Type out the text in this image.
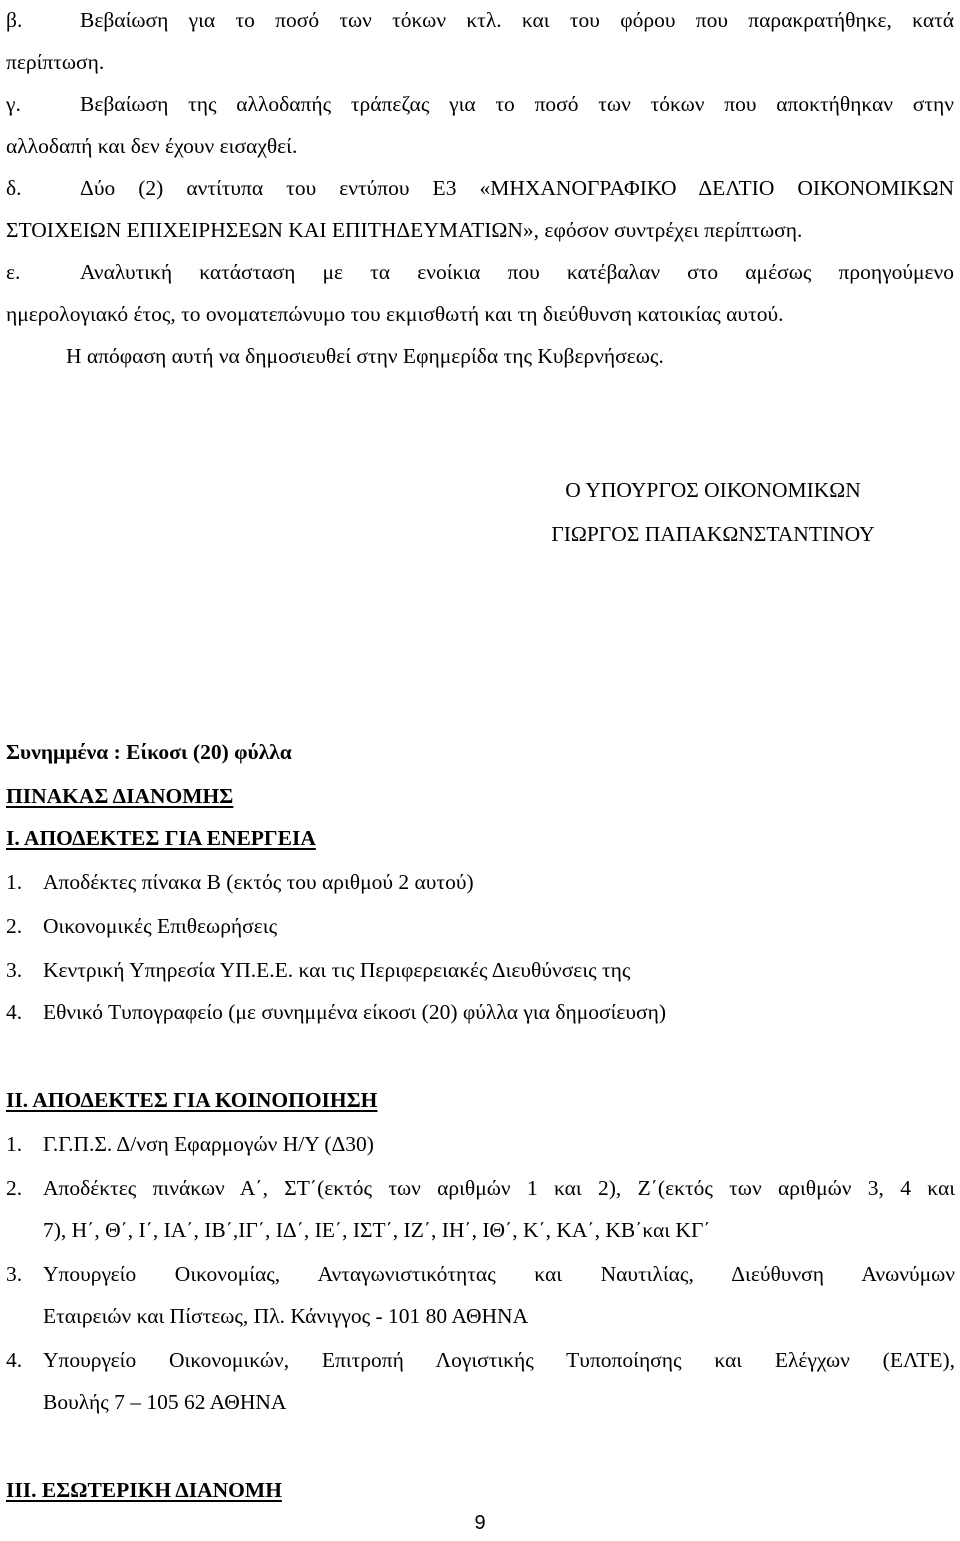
β.	Βεβαίωση για το ποσό των τόκων κτλ. και του φόρου που παρακρατήθηκε, κατά
περίπτωση.
γ.	Βεβαίωση της αλλοδαπής τράπεζας για το ποσό των τόκων που αποκτήθηκαν στην
αλλοδαπή και δεν έχουν εισαχθεί.
δ.	Δύο (2) αντίτυπα του εντύπου Ε3 «ΜΗΧΑΝΟΓΡΑΦΙΚΟ ΔΕΛΤΙΟ ΟΙΚΟΝΟΜΙΚΩΝ
ΣΤΟΙΧΕΙΩΝ ΕΠΙΧΕΙΡΗΣΕΩΝ ΚΑΙ ΕΠΙΤΗΔΕΥΜΑΤΙΩΝ», εφόσον συντρέχει περίπτωση.
ε.	Αναλυτική κατάσταση με τα ενοίκια που κατέβαλαν στο αμέσως προηγούμενο
ημερολογιακό έτος, το ονοματεπώνυμο του εκμισθωτή και τη διεύθυνση κατοικίας αυτού.
Η απόφαση αυτή να δημοσιευθεί στην Εφημερίδα της Κυβερνήσεως.
Ο ΥΠΟΥΡΓΟΣ ΟΙΚΟΝΟΜΙΚΩΝ
ΓΙΩΡΓΟΣ ΠΑΠΑΚΩΝΣΤΑΝΤΙΝΟΥ
Συνημμένα : Είκοσι (20) φύλλα
ΠΙΝΑΚΑΣ ΔΙΑΝΟΜΗΣ
Ι. ΑΠΟΔΕΚΤΕΣ ΓΙΑ ΕΝΕΡΓΕΙΑ
1. Αποδέκτες πίνακα Β (εκτός του αριθμού 2 αυτού)
2. Οικονομικές Επιθεωρήσεις
3. Κεντρική Υπηρεσία ΥΠ.Ε.Ε. και τις Περιφερειακές Διευθύνσεις της
4. Εθνικό Τυπογραφείο (με συνημμένα είκοσι (20) φύλλα για δημοσίευση)
ΙΙ. ΑΠΟΔΕΚΤΕΣ ΓΙΑ ΚΟΙΝΟΠΟΙΗΣΗ
1. Γ.Γ.Π.Σ. Δ/νση Εφαρμογών Η/Υ (Δ30)
2. Αποδέκτες πινάκων Α΄, ΣΤ΄(εκτός των αριθμών 1 και 2), Ζ΄(εκτός των αριθμών 3, 4 και
7), Η΄, Θ΄, Ι΄, ΙΑ΄, ΙΒ΄,ΙΓ΄, ΙΔ΄, ΙΕ΄, ΙΣΤ΄, ΙΖ΄, ΙΗ΄, ΙΘ΄, Κ΄, ΚΑ΄, ΚΒ΄και ΚΓ΄
3. Υπουργείο Οικονομίας, Ανταγωνιστικότητας και Ναυτιλίας, Διεύθυνση Ανωνύμων
Εταιρειών και Πίστεως, Πλ. Κάνιγγος - 101 80 ΑΘΗΝΑ
4. Υπουργείο Οικονομικών, Επιτροπή Λογιστικής Τυποποίησης και Ελέγχων (ΕΛΤΕ),
Βουλής 7 – 105 62 ΑΘΗΝΑ
ΙΙΙ. ΕΣΩΤΕΡΙΚΗ ΔΙΑΝΟΜΗ
9
